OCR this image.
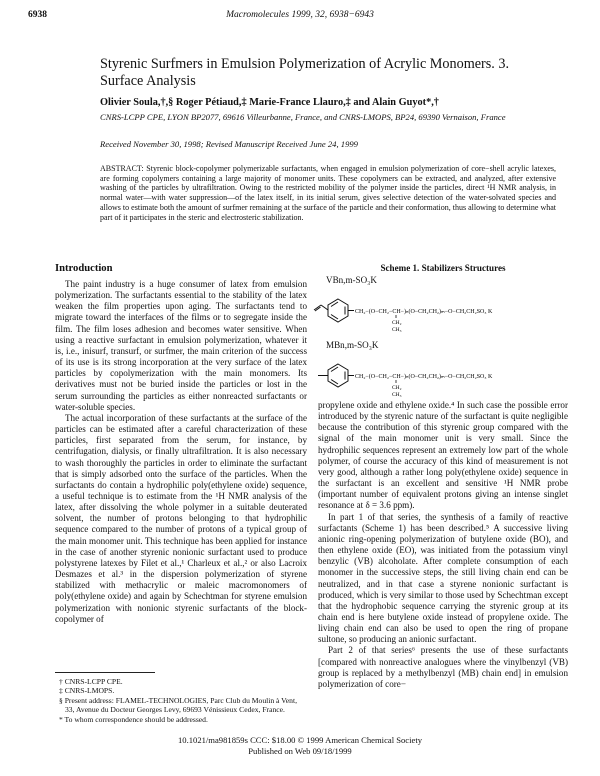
6938	Macromolecules 1999, 32, 6938−6943
Styrenic Surfmers in Emulsion Polymerization of Acrylic Monomers. 3. Surface Analysis
Olivier Soula,†,§ Roger Pétiaud,‡ Marie-France Llauro,‡ and Alain Guyot*,†
CNRS-LCPP CPE, LYON BP2077, 69616 Villeurbanne, France, and CNRS-LMOPS, BP24, 69390 Vernaison, France
Received November 30, 1998; Revised Manuscript Received June 24, 1999
ABSTRACT: Styrenic block-copolymer polymerizable surfactants, when engaged in emulsion polymerization of core−shell acrylic latexes, are forming copolymers containing a large majority of monomer units. These copolymers can be extracted, and analyzed, after extensive washing of the particles by ultrafiltration. Owing to the restricted mobility of the polymer inside the particles, direct ¹H NMR analysis, in normal water—with water suppression—of the latex itself, in its initial serum, gives selective detection of the water-solvated species and allows to estimate both the amount of surfmer remaining at the surface of the particle and their conformation, thus allowing to determine what part of it participates in the steric and electrosteric stabilization.
Introduction

The paint industry is a huge consumer of latex from emulsion polymerization. The surfactants essential to the stability of the latex weaken the film properties upon aging. The surfactants tend to migrate toward the interfaces of the films or to segregate inside the film. The film loses adhesion and becomes water sensitive. When using a reactive surfactant in emulsion polymerization, whatever it is, i.e., inisurf, transurf, or surfmer, the main criterion of the success of its use is its strong incorporation at the very surface of the latex particles by copolymerization with the main monomers. Its derivatives must not be buried inside the particles or lost in the serum surrounding the particles as either nonreacted surfactants or water-soluble species.

The actual incorporation of these surfactants at the surface of the particles can be estimated after a careful characterization of these particles, first separated from the serum, for instance, by centrifugation, dialysis, or finally ultrafiltration. It is also necessary to wash thoroughly the particles in order to eliminate the surfactant that is simply adsorbed onto the surface of the particles. When the surfactants do contain a hydrophilic poly(ethylene oxide) sequence, a useful technique is to estimate from the ¹H NMR analysis of the latex, after dissolving the whole polymer in a suitable deuterated solvent, the number of protons belonging to that hydrophilic sequence compared to the number of protons of a typical group of the main monomer unit. This technique has been applied for instance in the case of another styrenic nonionic surfactant used to produce polystyrene latexes by Filet et al.,¹ Charleux et al.,² or also Lacroix Desmazes et al.³ in the dispersion polymerization of styrene stabilized with methacrylic or maleic macromonomers of poly(ethylene oxide) and again by Schechtman for styrene emulsion polymerization with nonionic styrenic surfactants of the block-copolymer of

Scheme 1. Stabilizers Structures
VBn,m-SO₃K
CH₂−(O−CH₂−CH−)ₙ(O−CH₂CH₂)ₘ−O−CH₂CH₂SO₃ K
CH₂
CH₃
MBn,m-SO₃K
CH₂−(O−CH₂−CH−)ₙ(O−CH₂CH₂)ₘ−O−CH₂CH₂SO₃ K
CH₂
CH₃

propylene oxide and ethylene oxide.⁴ In such case the possible error introduced by the styrenic nature of the surfactant is quite negligible because the contribution of this styrenic group compared with the signal of the main monomer unit is very small. Since the hydrophilic sequences represent an extremely low part of the whole polymer, of course the accuracy of this kind of measurement is not very good, although a rather long poly(ethylene oxide) sequence in the surfactant is an excellent and sensitive ¹H NMR probe (important number of equivalent protons giving an intense singlet resonance at δ = 3.6 ppm).

In part 1 of that series, the synthesis of a family of reactive surfactants (Scheme 1) has been described.⁵ A successive living anionic ring-opening polymerization of butylene oxide (BO), and then ethylene oxide (EO), was initiated from the potassium vinyl benzylic (VB) alcoholate. After complete consumption of each monomer in the successive steps, the still living chain end can be neutralized, and in that case a styrene nonionic surfactant is produced, which is very similar to those used by Schechtman except that the hydrophobic sequence carrying the styrenic group at its chain end is here butylene oxide instead of propylene oxide. The living chain end can also be used to open the ring of propane sultone, so producing an anionic surfactant.

Part 2 of that series⁶ presents the use of these surfactants [compared with nonreactive analogues where the vinylbenzyl (VB) group is replaced by a methylbenzyl (MB) chain end] in emulsion polymerization of core−

† CNRS-LCPP CPE.
‡ CNRS-LMOPS.
§ Present address: FLAMEL-TECHNOLOGIES, Parc Club du Moulin à Vent, 33, Avenue du Docteur Georges Levy, 69693 Vénissieux Cedex, France.
* To whom correspondence should be addressed.
10.1021/ma981859s CCC: $18.00 © 1999 American Chemical Society
Published on Web 09/18/1999
